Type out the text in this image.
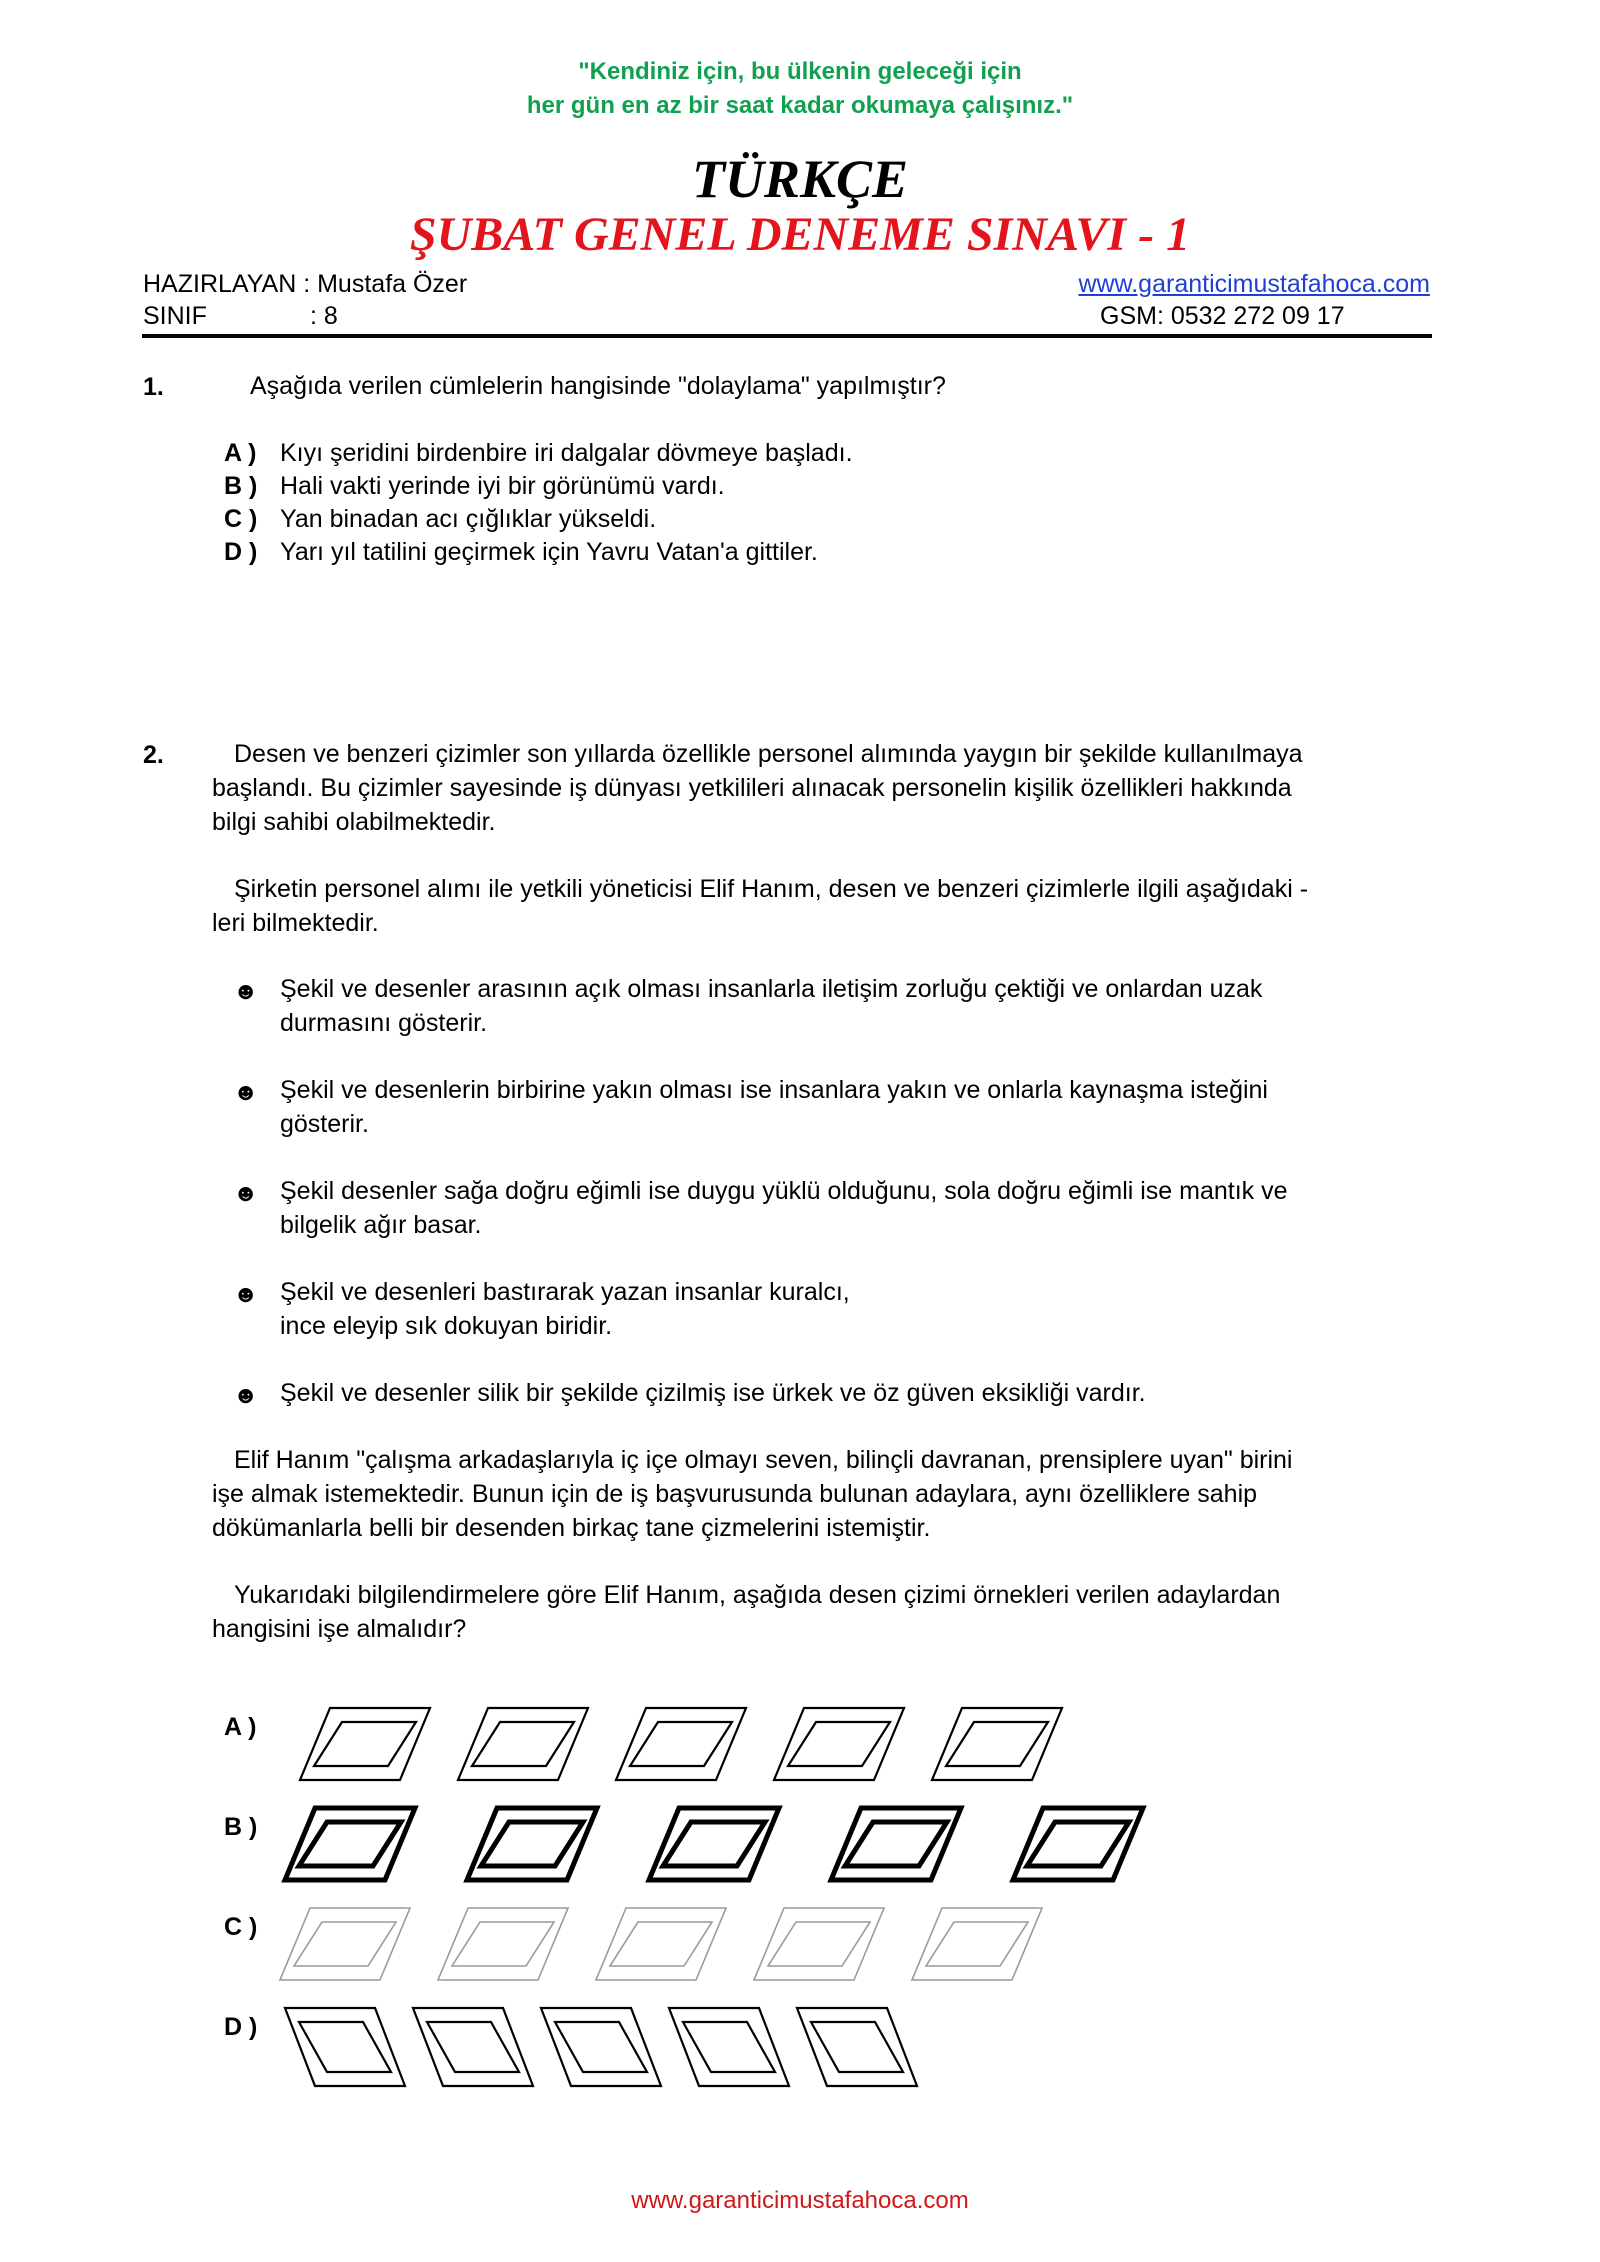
"Kendiniz için, bu ülkenin geleceği için
her gün en az bir saat kadar okumaya çalışınız."
TÜRKÇE
ŞUBAT GENEL DENEME SINAVI - 1
HAZIRLAYAN : Mustafa Özer	www.garanticimustafahoca.com
SINIF	: 8	GSM: 0532 272 09 17
1.	Aşağıda verilen cümlelerin hangisinde "dolaylama" yapılmıştır?
A ) Kıyı şeridini birdenbire iri dalgalar dövmeye başladı.
B ) Hali vakti yerinde iyi bir görünümü vardı.
C ) Yan binadan acı çığlıklar yükseldi.
D ) Yarı yıl tatilini geçirmek için Yavru Vatan'a gittiler.
2.	Desen ve benzeri çizimler son yıllarda özellikle personel alımında yaygın bir şekilde kullanılmaya
başlandı. Bu çizimler sayesinde iş dünyası yetkilileri alınacak personelin kişilik özellikleri hakkında
bilgi sahibi olabilmektedir.
Şirketin personel alımı ile yetkili yöneticisi Elif Hanım, desen ve benzeri çizimlerle ilgili aşağıdaki -
leri bilmektedir.
☻ Şekil ve desenler arasının açık olması insanlarla iletişim zorluğu çektiği ve onlardan uzak
durmasını gösterir.
☻ Şekil ve desenlerin birbirine yakın olması ise insanlara yakın ve onlarla kaynaşma isteğini
gösterir.
☻ Şekil desenler sağa doğru eğimli ise duygu yüklü olduğunu, sola doğru eğimli ise mantık ve
bilgelik ağır basar.
☻ Şekil ve desenleri bastırarak yazan insanlar kuralcı,
ince eleyip sık dokuyan biridir.
☻ Şekil ve desenler silik bir şekilde çizilmiş ise ürkek ve öz güven eksikliği vardır.
Elif Hanım "çalışma arkadaşlarıyla iç içe olmayı seven, bilinçli davranan, prensiplere uyan" birini
işe almak istemektedir. Bunun için de iş başvurusunda bulunan adaylara, aynı özelliklere sahip
dökümanlarla belli bir desenden birkaç tane çizmelerini istemiştir.
Yukarıdaki bilgilendirmelere göre Elif Hanım, aşağıda desen çizimi örnekleri verilen adaylardan
hangisini işe almalıdır?
A )
B )
C )
D )
www.garanticimustafahoca.com
